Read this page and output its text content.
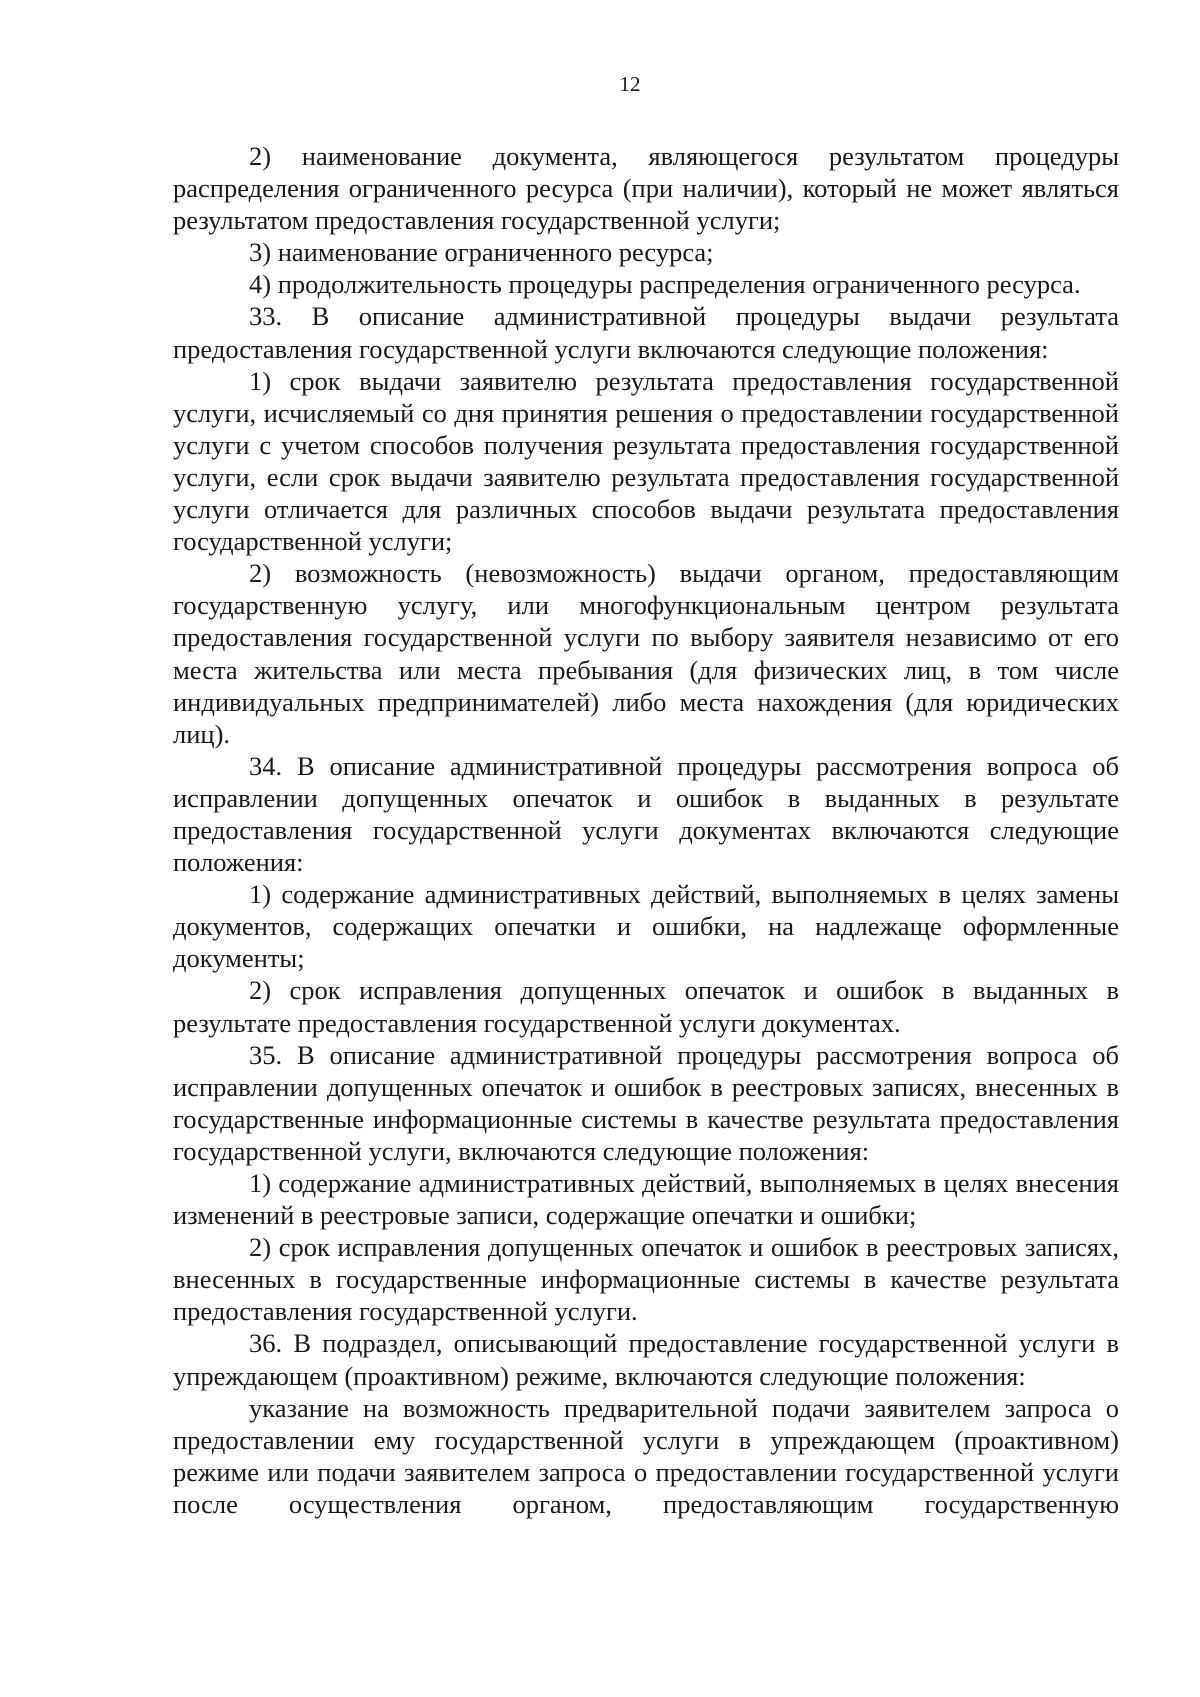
12

2) наименование документа, являющегося результатом процедуры распределения ограниченного ресурса (при наличии), который не может являться результатом предоставления государственной услуги;

3) наименование ограниченного ресурса;

4) продолжительность процедуры распределения ограниченного ресурса.

33. В описание административной процедуры выдачи результата предоставления государственной услуги включаются следующие положения:

1) срок выдачи заявителю результата предоставления государственной услуги, исчисляемый со дня принятия решения о предоставлении государственной услуги с учетом способов получения результата предоставления государственной услуги, если срок выдачи заявителю результата предоставления государственной услуги отличается для различных способов выдачи результата предоставления государственной услуги;

2) возможность (невозможность) выдачи органом, предоставляющим государственную услугу, или многофункциональным центром результата предоставления государственной услуги по выбору заявителя независимо от его места жительства или места пребывания (для физических лиц, в том числе индивидуальных предпринимателей) либо места нахождения (для юридических лиц).

34. В описание административной процедуры рассмотрения вопроса об исправлении допущенных опечаток и ошибок в выданных в результате предоставления государственной услуги документах включаются следующие положения:

1) содержание административных действий, выполняемых в целях замены документов, содержащих опечатки и ошибки, на надлежаще оформленные документы;

2) срок исправления допущенных опечаток и ошибок в выданных в результате предоставления государственной услуги документах.

35. В описание административной процедуры рассмотрения вопроса об исправлении допущенных опечаток и ошибок в реестровых записях, внесенных в государственные информационные системы в качестве результата предоставления государственной услуги, включаются следующие положения:

1) содержание административных действий, выполняемых в целях внесения изменений в реестровые записи, содержащие опечатки и ошибки;

2) срок исправления допущенных опечаток и ошибок в реестровых записях, внесенных в государственные информационные системы в качестве результата предоставления государственной услуги.

36. В подраздел, описывающий предоставление государственной услуги в упреждающем (проактивном) режиме, включаются следующие положения:

указание на возможность предварительной подачи заявителем запроса о предоставлении ему государственной услуги в упреждающем (проактивном) режиме или подачи заявителем запроса о предоставлении государственной услуги после осуществления органом, предоставляющим государственную
